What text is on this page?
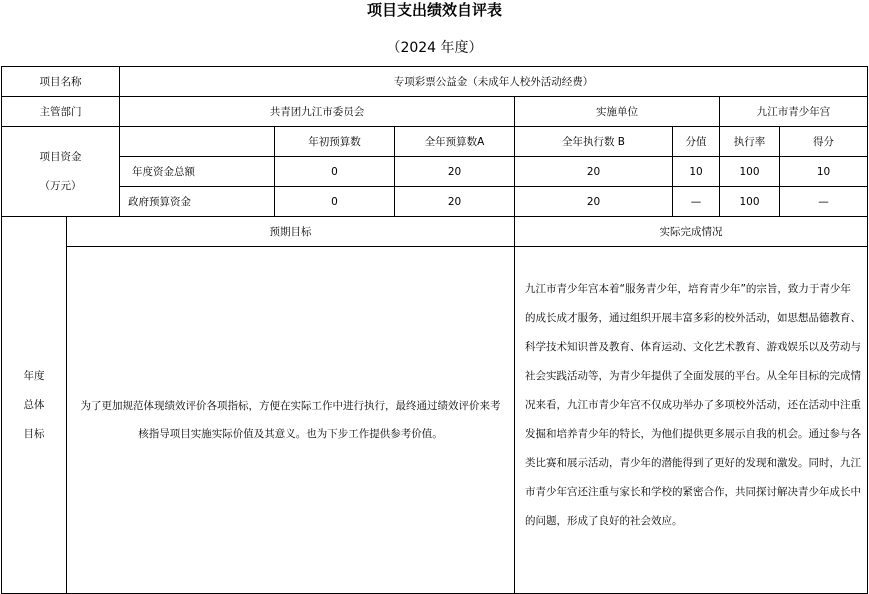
项目支出绩效自评表
（2024 年度）
项目名称		专项彩票公益金（未成年人校外活动经费）						
主管部门		共青团九江市委员会			实施单位		九江市青少年宫	

项目资金
（万元）			年初预算数	全年预算数A	全年执行数 B	分值	执行率	得分
		年度资金总额	0	20	20	10	100	10
		政府预算资金	0	20	20	—	100	—

年度
总体
目标	预期目标				实际完成情况			
	为了更加规范体现绩效评价各项指标，方便在实际工作中进行执行，最终通过绩效评价来考核指导项目实施实际价值及其意义。也为下步工作提供参考价值。				九江市青少年宫本着“服务青少年，培育青少年”的宗旨，致力于青少年的成长成才服务，通过组织开展丰富多彩的校外活动，如思想品德教育、科学技术知识普及教育、体育运动、文化艺术教育、游戏娱乐以及劳动与社会实践活动等，为青少年提供了全面发展的平台。从全年目标的完成情况来看，九江市青少年宫不仅成功举办了多项校外活动，还在活动中注重发掘和培养青少年的特长，为他们提供更多展示自我的机会。通过参与各类比赛和展示活动，青少年的潜能得到了更好的发现和激发。同时，九江市青少年宫还注重与家长和学校的紧密合作，共同探讨解决青少年成长中的问题，形成了良好的社会效应。			
